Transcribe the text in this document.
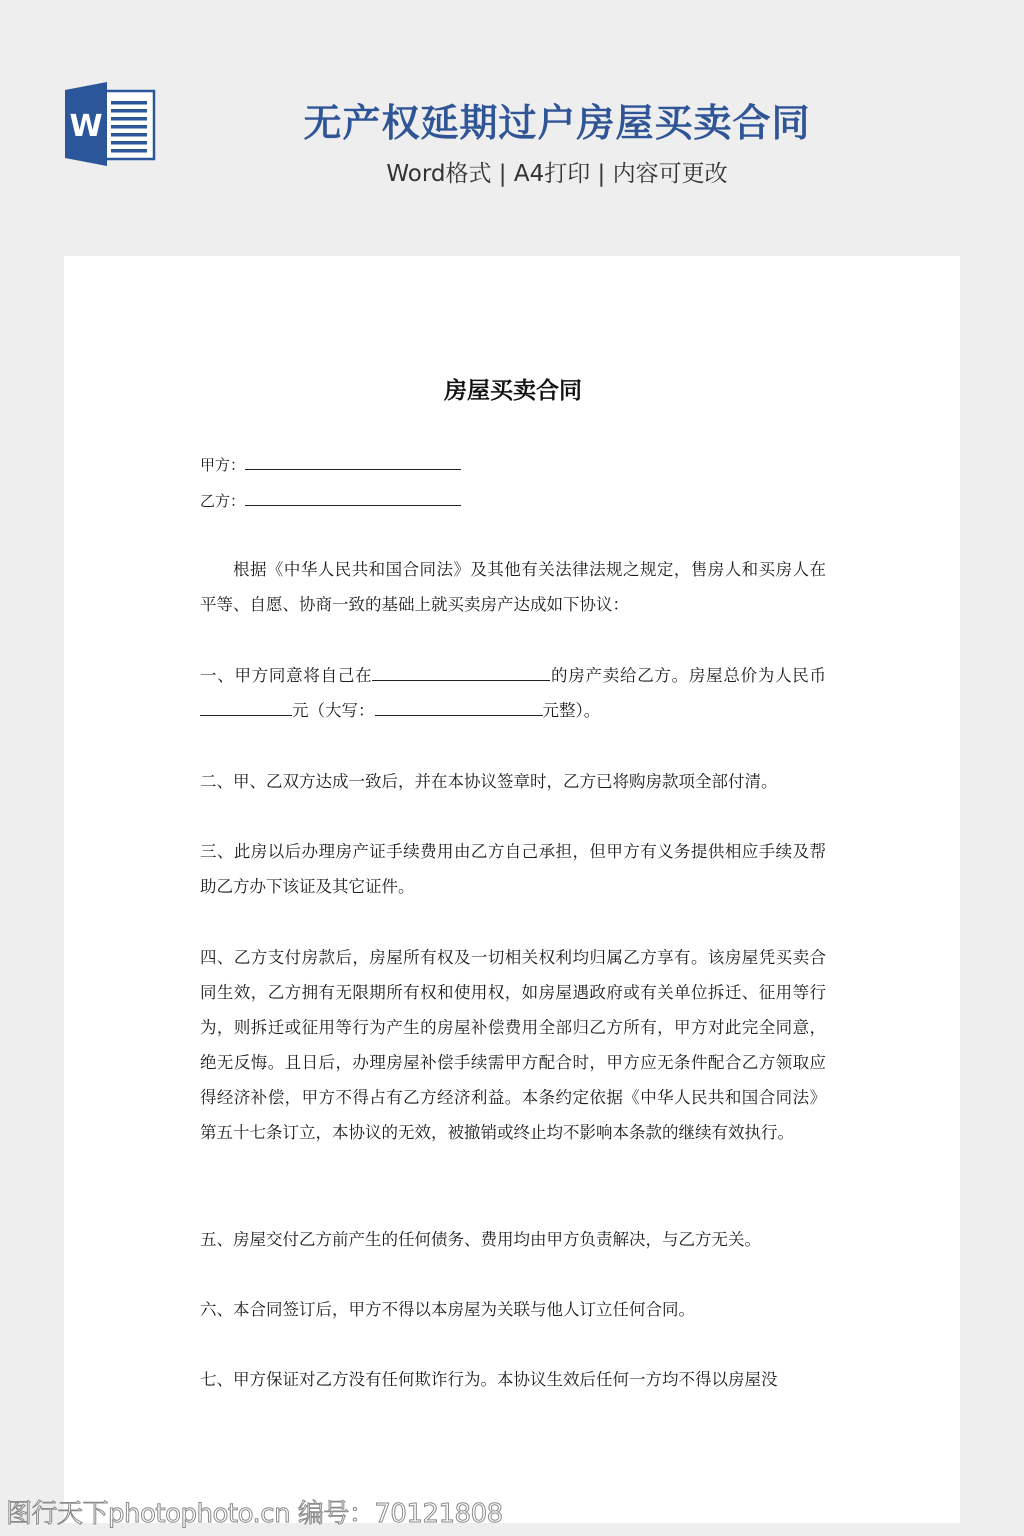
W	无产权延期过户房屋买卖合同
Word格式 | A4打印 | 内容可更改
房屋买卖合同
甲方：
乙方：
根据《中华人民共和国合同法》及其他有关法律法规之规定，售房人和买房人在平等、自愿、协商一致的基础上就买卖房产达成如下协议：
一、甲方同意将自己在	的房产卖给乙方。房屋总价为人民币元（大写：	元整）。
二、甲、乙双方达成一致后，并在本协议签章时，乙方已将购房款项全部付清。
三、此房以后办理房产证手续费用由乙方自己承担，但甲方有义务提供相应手续及帮助乙方办下该证及其它证件。
四、乙方支付房款后，房屋所有权及一切相关权利均归属乙方享有。该房屋凭买卖合同生效，乙方拥有无限期所有权和使用权，如房屋遇政府或有关单位拆迁、征用等行为，则拆迁或征用等行为产生的房屋补偿费用全部归乙方所有，甲方对此完全同意，绝无反悔。且日后，办理房屋补偿手续需甲方配合时，甲方应无条件配合乙方领取应得经济补偿，甲方不得占有乙方经济利益。本条约定依据《中华人民共和国合同法》第五十七条订立，本协议的无效，被撤销或终止均不影响本条款的继续有效执行。
五、房屋交付乙方前产生的任何债务、费用均由甲方负责解决，与乙方无关。
六、本合同签订后，甲方不得以本房屋为关联与他人订立任何合同。
七、甲方保证对乙方没有任何欺诈行为。本协议生效后任何一方均不得以房屋没
图行天下photophoto.cn 编号：70121808
